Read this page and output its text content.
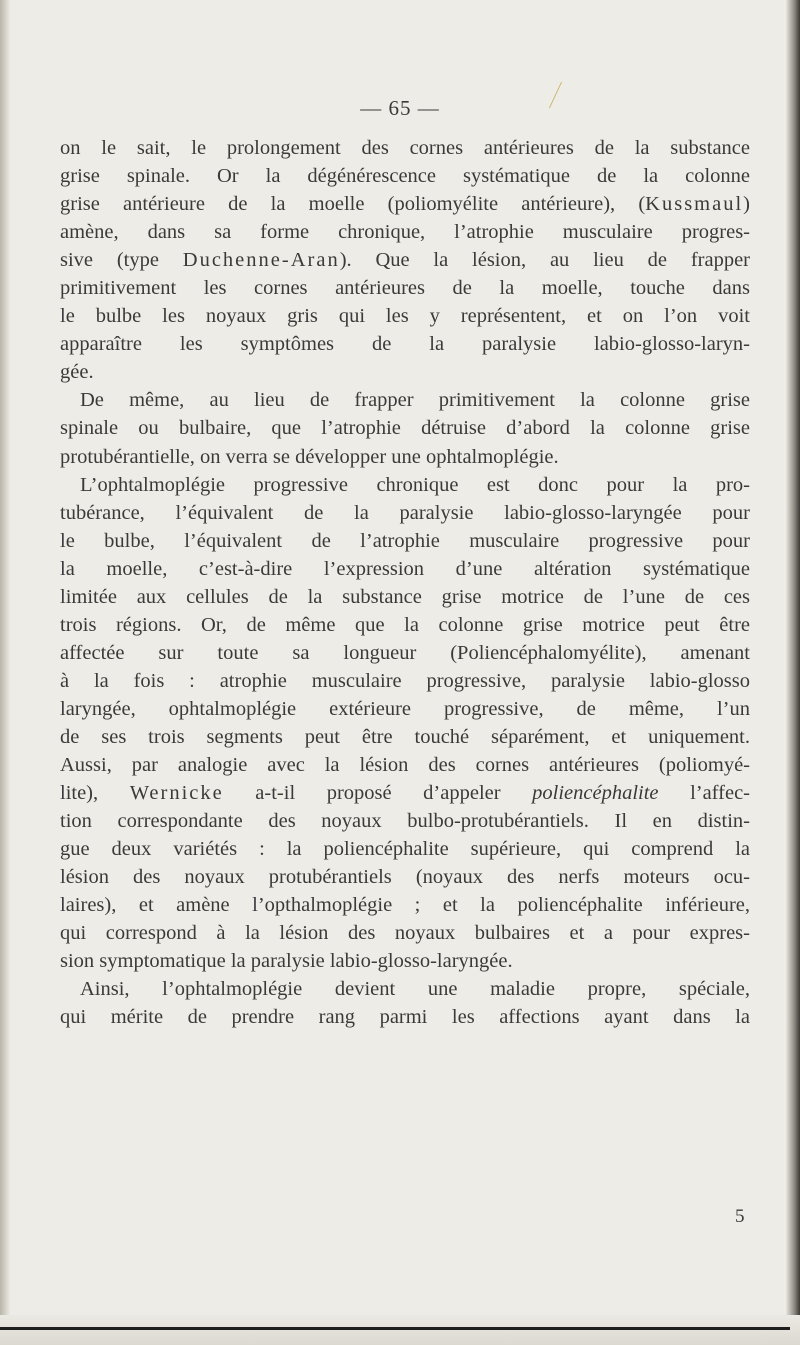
— 65 —
on le sait, le prolongement des cornes antérieures de la substance
grise spinale. Or la dégénérescence systématique de la colonne
grise antérieure de la moelle (poliomyélite antérieure), (Kussmaul)
amène, dans sa forme chronique, l’atrophie musculaire progres-
sive (type Duchenne-Aran). Que la lésion, au lieu de frapper
primitivement les cornes antérieures de la moelle, touche dans
le bulbe les noyaux gris qui les y représentent, et on l’on voit
apparaître les symptômes de la paralysie labio-glosso-laryn-
gée.
De même, au lieu de frapper primitivement la colonne grise
spinale ou bulbaire, que l’atrophie détruise d’abord la colonne grise
protubérantielle, on verra se développer une ophtalmoplégie.
L’ophtalmoplégie progressive chronique est donc pour la pro-
tubérance, l’équivalent de la paralysie labio-glosso-laryngée pour
le bulbe, l’équivalent de l’atrophie musculaire progressive pour
la moelle, c’est-à-dire l’expression d’une altération systématique
limitée aux cellules de la substance grise motrice de l’une de ces
trois régions. Or, de même que la colonne grise motrice peut être
affectée sur toute sa longueur (Poliencéphalomyélite), amenant
à la fois : atrophie musculaire progressive, paralysie labio-glosso
laryngée, ophtalmoplégie extérieure progressive, de même, l’un
de ses trois segments peut être touché séparément, et uniquement.
Aussi, par analogie avec la lésion des cornes antérieures (poliomyé-
lite), Wernicke a-t-il proposé d’appeler poliencéphalite l’affec-
tion correspondante des noyaux bulbo-protubérantiels. Il en distin-
gue deux variétés : la poliencéphalite supérieure, qui comprend la
lésion des noyaux protubérantiels (noyaux des nerfs moteurs ocu-
laires), et amène l’opthalmoplégie ; et la poliencéphalite inférieure,
qui correspond à la lésion des noyaux bulbaires et a pour expres-
sion symptomatique la paralysie labio-glosso-laryngée.
Ainsi, l’ophtalmoplégie devient une maladie propre, spéciale,
qui mérite de prendre rang parmi les affections ayant dans la
5
